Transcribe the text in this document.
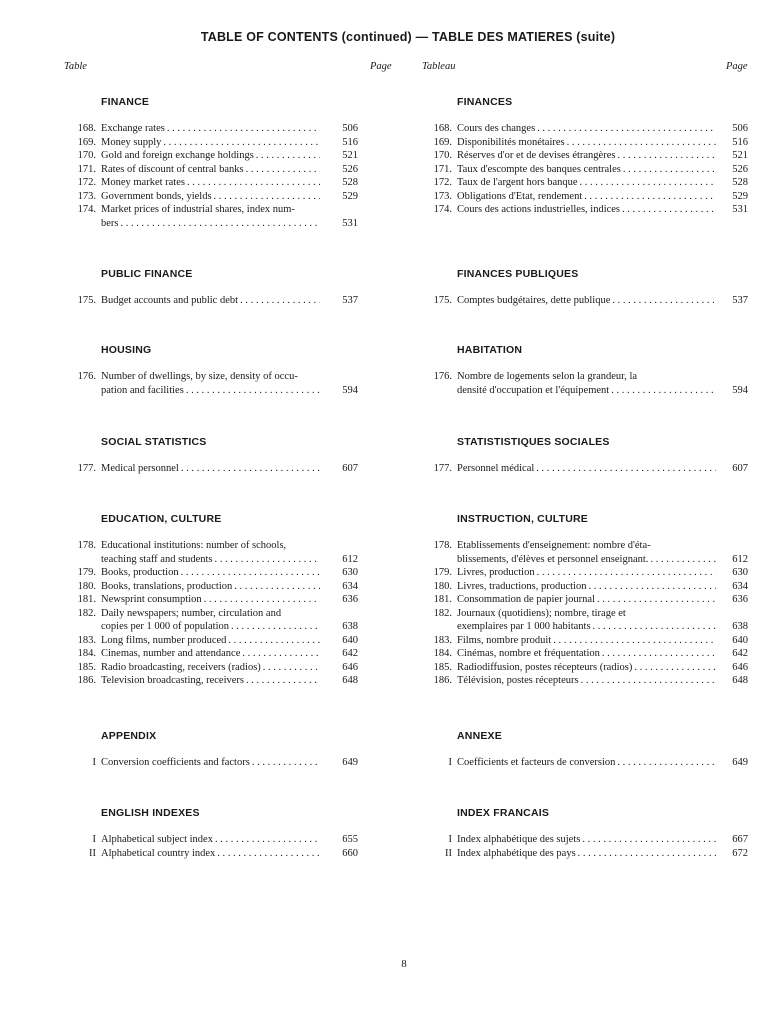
TABLE OF CONTENTS (continued) — TABLE DES MATIERES (suite)
Table	Page	Tableau	Page
FINANCE
168. Exchange rates . . .	506
169. Money supply . . .	516
170. Gold and foreign exchange holdings . . .	521
171. Rates of discount of central banks . . .	526
172. Money market rates . . .	528
173. Government bonds, yields . . .	529
174. Market prices of industrial shares, index num-
bers . . .	531
PUBLIC FINANCE
175. Budget accounts and public debt . . .	537
HOUSING
176. Number of dwellings, by size, density of occu-
pation and facilities . . .	594
SOCIAL STATISTICS
177. Medical personnel . . .	607
EDUCATION, CULTURE
178. Educational institutions: number of schools,
teaching staff and students . . .	612
179. Books, production . . .	630
180. Books, translations, production . . .	634
181. Newsprint consumption . . .	636
182. Daily newspapers; number, circulation and
copies per 1 000 of population . . .	638
183. Long films, number produced . . .	640
184. Cinemas, number and attendance . . .	642
185. Radio broadcasting, receivers (radios) . . .	646
186. Television broadcasting, receivers . . .	648
APPENDIX
I Conversion coefficients and factors . . .	649
ENGLISH INDEXES
I Alphabetical subject index . . .	655
II Alphabetical country index . . .	660
FINANCES
168. Cours des changes . . .	506
169. Disponibilités monétaires . . .	516
170. Réserves d'or et de devises étrangères . . .	521
171. Taux d'escompte des banques centrales . . .	526
172. Taux de l'argent hors banque . . .	528
173. Obligations d'Etat, rendement . . .	529
174. Cours des actions industrielles, indices . . .	531
FINANCES PUBLIQUES
175. Comptes budgétaires, dette publique . . .	537
HABITATION
176. Nombre de logements selon la grandeur, la
densité d'occupation et l'équipement . . .	594
STATISTISTIQUES SOCIALES
177. Personnel médical . . .	607
INSTRUCTION, CULTURE
178. Etablissements d'enseignement: nombre d'éta-
blissements, d'élèves et personnel enseignant. . . .	612
179. Livres, production . . .	630
180. Livres, traductions, production . . .	634
181. Consommation de papier journal . . .	636
182. Journaux (quotidiens); nombre, tirage et
exemplaires par 1 000 habitants . . .	638
183. Films, nombre produit . . .	640
184. Cinémas, nombre et fréquentation . . .	642
185. Radiodiffusion, postes récepteurs (radios) . . .	646
186. Télévision, postes récepteurs . . .	648
ANNEXE
I Coefficients et facteurs de conversion . . .	649
INDEX FRANCAIS
I Index alphabétique des sujets . . .	667
II Index alphabétique des pays . . .	672
8
